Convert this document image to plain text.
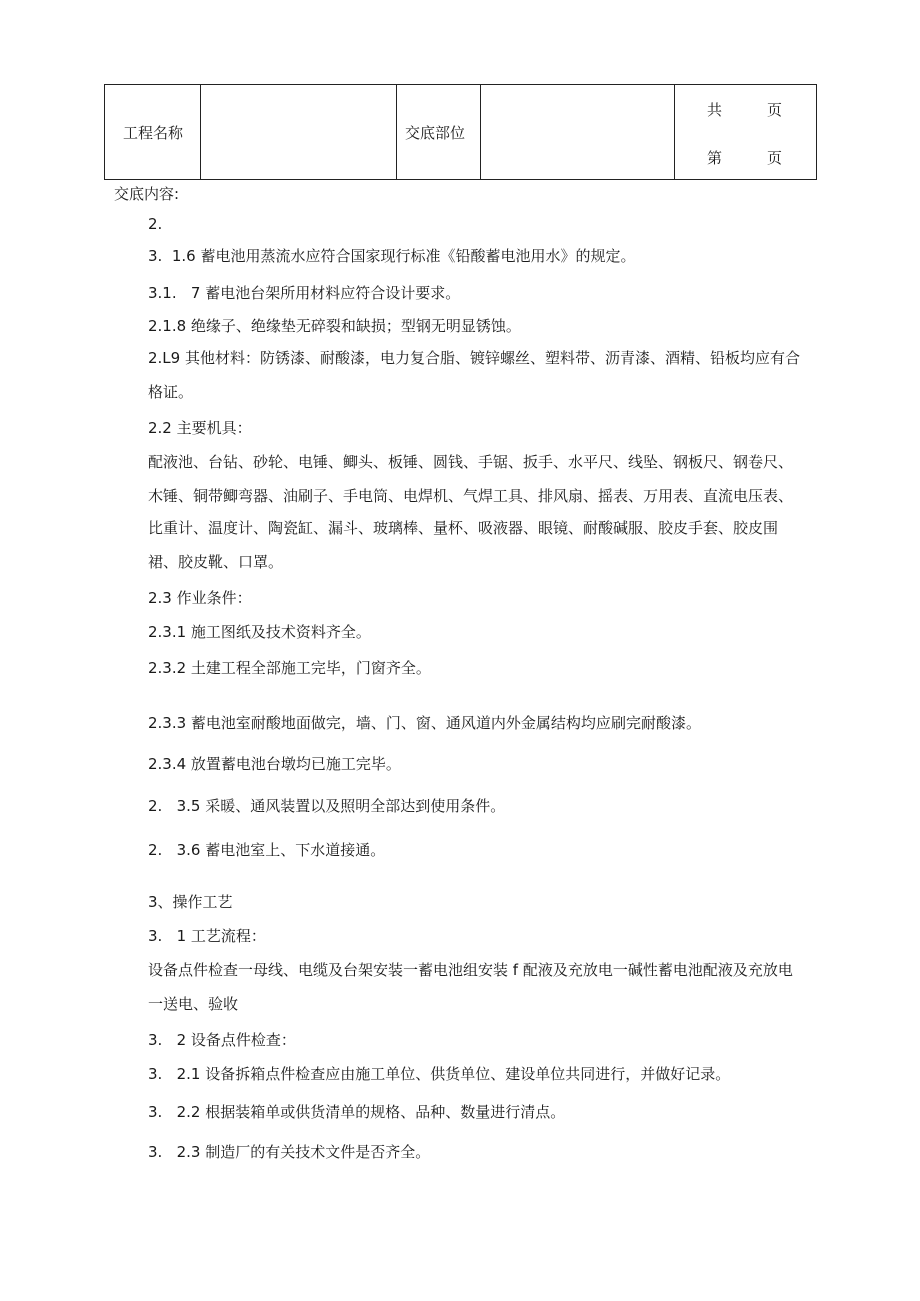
工程名称		交底部位		
共	页
第	页
交底内容:
2.
3.  1.6 蓄电池用蒸流水应符合国家现行标准《铅酸蓄电池用水》的规定。
3.1.   7 蓄电池台架所用材料应符合设计要求。
2.1.8 绝缘子、绝缘垫无碎裂和缺损；型钢无明显锈蚀。
2.L9 其他材料：防锈漆、耐酸漆，电力复合脂、镀锌螺丝、塑料带、沥青漆、酒精、铅板均应有合
格证。
2.2 主要机具：
配液池、台钻、砂轮、电锤、鲫头、板锤、圆钱、手锯、扳手、水平尺、线坠、钢板尺、钢卷尺、
木锤、铜带鲫弯器、油刷子、手电筒、电焊机、气焊工具、排风扇、摇表、万用表、直流电压表、
比重计、温度计、陶瓷缸、漏斗、玻璃棒、量杯、吸液器、眼镜、耐酸碱服、胶皮手套、胶皮围
裙、胶皮靴、口罩。
2.3 作业条件：
2.3.1 施工图纸及技术资料齐全。
2.3.2 土建工程全部施工完毕，门窗齐全。
2.3.3 蓄电池室耐酸地面做完，墙、门、窗、通风道内外金属结构均应刷完耐酸漆。
2.3.4 放置蓄电池台墩均已施工完毕。
2.   3.5 采暖、通风装置以及照明全部达到使用条件。
2.   3.6 蓄电池室上、下水道接通。
3、操作工艺
3.   1 工艺流程：
设备点件检查一母线、电缆及台架安装一蓄电池组安装 f 配液及充放电一碱性蓄电池配液及充放电
一送电、验收
3.   2 设备点件检查：
3.   2.1 设备拆箱点件检查应由施工单位、供货单位、建设单位共同进行，并做好记录。
3.   2.2 根据装箱单或供货清单的规格、品种、数量进行清点。
3.   2.3 制造厂的有关技术文件是否齐全。
